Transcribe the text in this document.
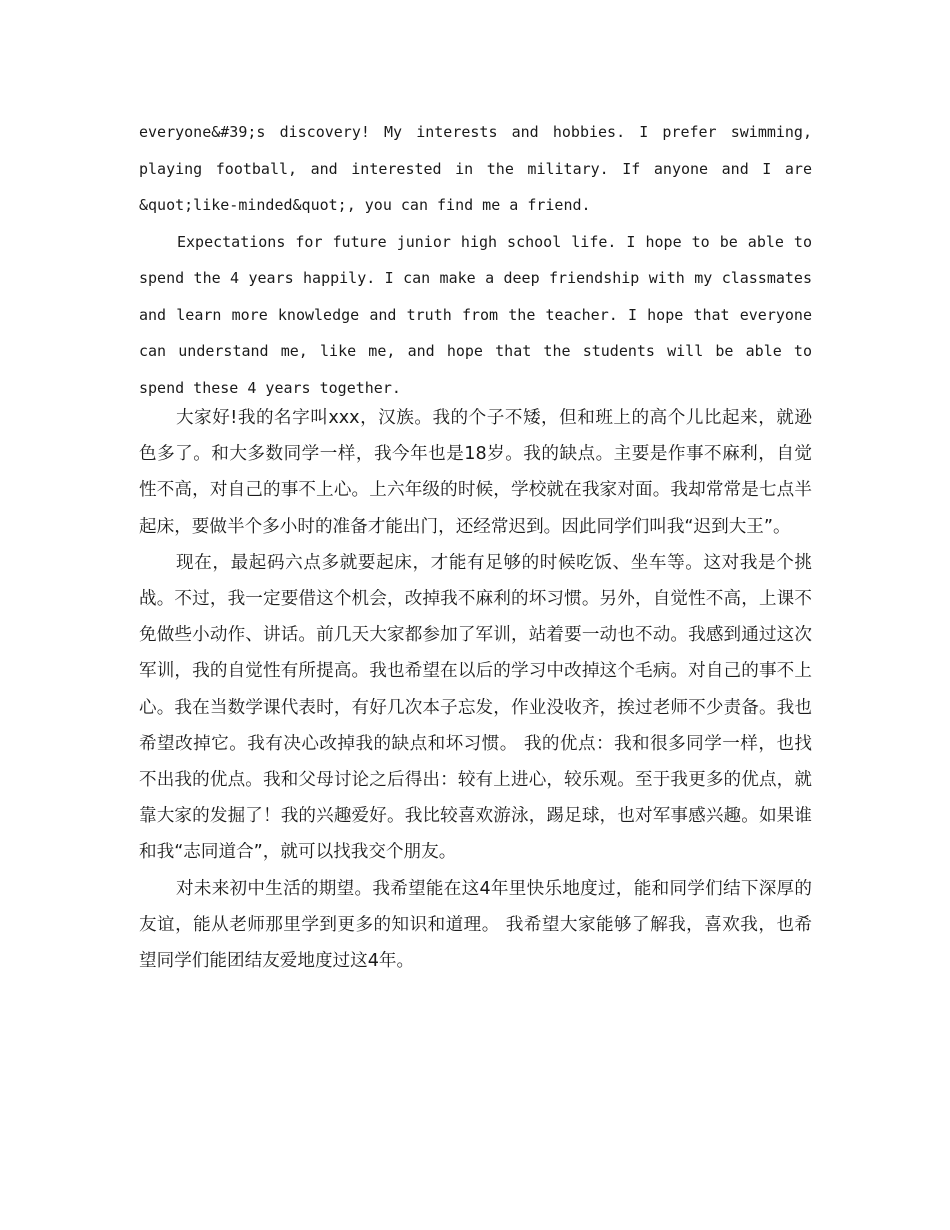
everyone&#39;s discovery! My interests and hobbies. I prefer swimming, playing football, and interested in the military. If anyone and I are &quot;like-minded&quot;, you can find me a friend.

Expectations for future junior high school life. I hope to be able to spend the 4 years happily. I can make a deep friendship with my classmates and learn more knowledge and truth from the teacher. I hope that everyone can understand me, like me, and hope that the students will be able to spend these 4 years together.

大家好!我的名字叫xxx，汉族。我的个子不矮，但和班上的高个儿比起来，就逊色多了。和大多数同学一样，我今年也是18岁。我的缺点。主要是作事不麻利，自觉性不高，对自己的事不上心。上六年级的时候，学校就在我家对面。我却常常是七点半起床，要做半个多小时的准备才能出门，还经常迟到。因此同学们叫我“迟到大王”。

现在，最起码六点多就要起床，才能有足够的时候吃饭、坐车等。这对我是个挑战。不过，我一定要借这个机会，改掉我不麻利的坏习惯。另外，自觉性不高，上课不免做些小动作、讲话。前几天大家都参加了军训，站着要一动也不动。我感到通过这次军训，我的自觉性有所提高。我也希望在以后的学习中改掉这个毛病。对自己的事不上心。我在当数学课代表时，有好几次本子忘发，作业没收齐，挨过老师不少责备。我也希望改掉它。我有决心改掉我的缺点和坏习惯。 我的优点：我和很多同学一样，也找不出我的优点。我和父母讨论之后得出：较有上进心，较乐观。至于我更多的优点，就靠大家的发掘了！我的兴趣爱好。我比较喜欢游泳，踢足球，也对军事感兴趣。如果谁和我“志同道合”，就可以找我交个朋友。

对未来初中生活的期望。我希望能在这4年里快乐地度过，能和同学们结下深厚的友谊，能从老师那里学到更多的知识和道理。 我希望大家能够了解我，喜欢我，也希望同学们能团结友爱地度过这4年。
